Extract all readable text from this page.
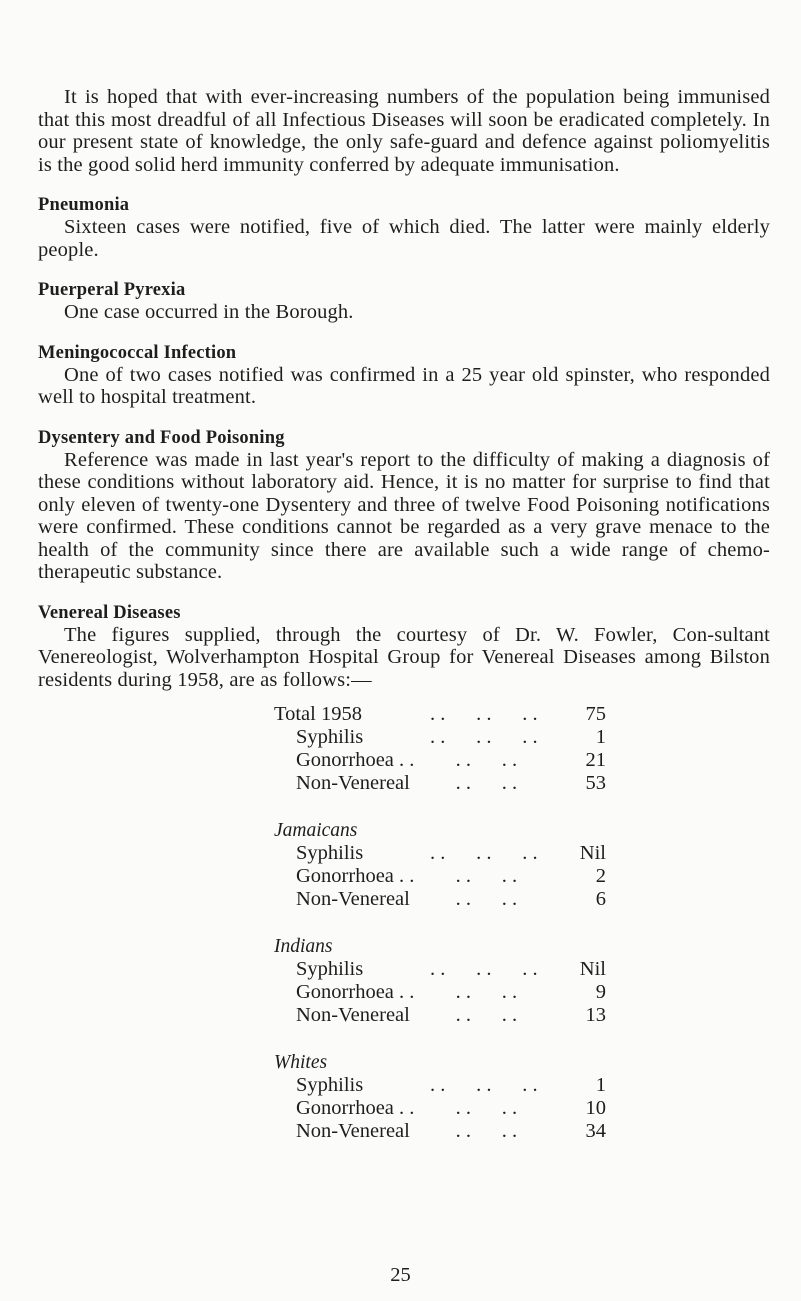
It is hoped that with ever-increasing numbers of the population being immunised that this most dreadful of all Infectious Diseases will soon be eradicated completely. In our present state of knowledge, the only safe-guard and defence against poliomyelitis is the good solid herd immunity conferred by adequate immunisation.

Pneumonia

Sixteen cases were notified, five of which died. The latter were mainly elderly people.

Puerperal Pyrexia

One case occurred in the Borough.

Meningococcal Infection

One of two cases notified was confirmed in a 25 year old spinster, who responded well to hospital treatment.

Dysentery and Food Poisoning

Reference was made in last year's report to the difficulty of making a diagnosis of these conditions without laboratory aid. Hence, it is no matter for surprise to find that only eleven of twenty-one Dysentery and three of twelve Food Poisoning notifications were confirmed. These conditions cannot be regarded as a very grave menace to the health of the community since there are available such a wide range of chemo-therapeutic substance.

Venereal Diseases

The figures supplied, through the courtesy of Dr. W. Fowler, Con-sultant Venereologist, Wolverhampton Hospital Group for Venereal Diseases among Bilston residents during 1958, are as follows:—

Total 1958	. .      . .      . . 75
Syphilis	. .      . .      . .	1
Gonorrhoea . . . .      . .	21
Non-Venereal . .      . .	53
Jamaicans
Syphilis	. .      . .      . . Nil
Gonorrhoea . . . .      . .	2
Non-Venereal . .      . .	6
Indians
Syphilis	. .      . .      . . Nil
Gonorrhoea . . . .      . .	9
Non-Venereal . .      . .	13
Whites
Syphilis	. .      . .      . .	1
Gonorrhoea . . . .      . .	10
Non-Venereal . .      . .	34
25
